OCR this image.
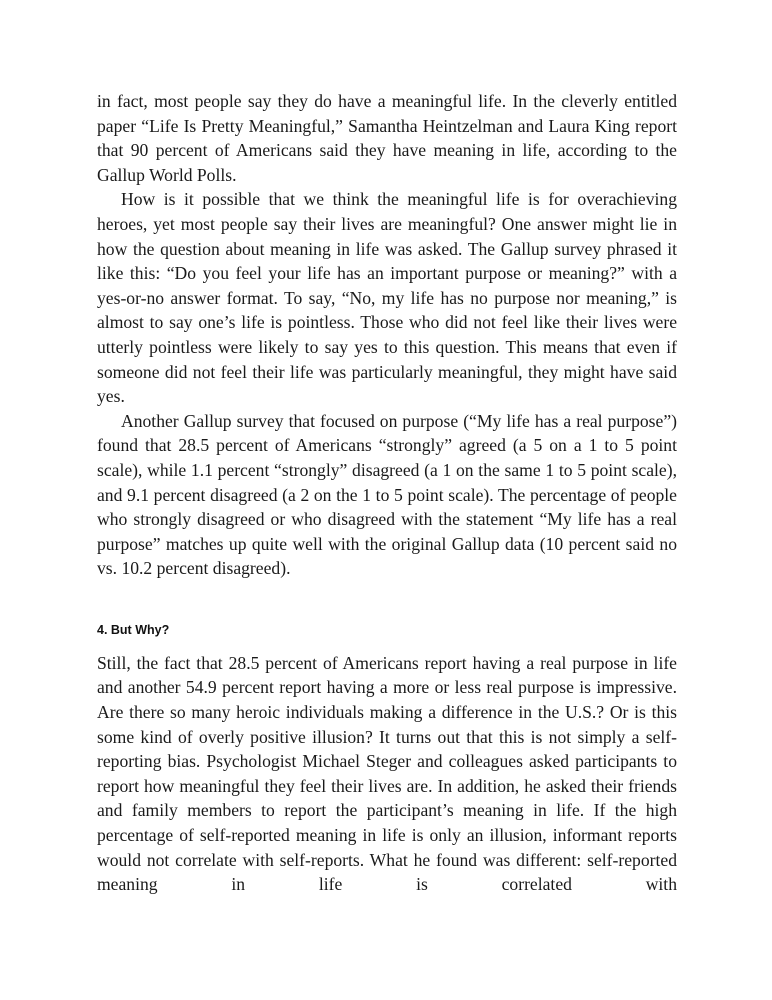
in fact, most people say they do have a meaningful life. In the cleverly entitled paper “Life Is Pretty Meaningful,” Samantha Heintzelman and Laura King report that 90 percent of Americans said they have meaning in life, according to the Gallup World Polls.

How is it possible that we think the meaningful life is for overachieving heroes, yet most people say their lives are meaningful? One answer might lie in how the question about meaning in life was asked. The Gallup survey phrased it like this: “Do you feel your life has an important purpose or meaning?” with a yes-or-no answer format. To say, “No, my life has no purpose nor meaning,” is almost to say one’s life is pointless. Those who did not feel like their lives were utterly pointless were likely to say yes to this question. This means that even if someone did not feel their life was particularly meaningful, they might have said yes.

Another Gallup survey that focused on purpose (“My life has a real purpose”) found that 28.5 percent of Americans “strongly” agreed (a 5 on a 1 to 5 point scale), while 1.1 percent “strongly” disagreed (a 1 on the same 1 to 5 point scale), and 9.1 percent disagreed (a 2 on the 1 to 5 point scale). The percentage of people who strongly disagreed or who disagreed with the statement “My life has a real purpose” matches up quite well with the original Gallup data (10 percent said no vs. 10.2 percent disagreed).

4. But Why?

Still, the fact that 28.5 percent of Americans report having a real purpose in life and another 54.9 percent report having a more or less real purpose is impressive. Are there so many heroic individuals making a difference in the U.S.? Or is this some kind of overly positive illusion? It turns out that this is not simply a self-reporting bias. Psychologist Michael Steger and colleagues asked participants to report how meaningful they feel their lives are. In addition, he asked their friends and family members to report the participant’s meaning in life. If the high percentage of self-reported meaning in life is only an illusion, informant reports would not correlate with self-reports. What he found was different: self-reported meaning in life is correlated with
